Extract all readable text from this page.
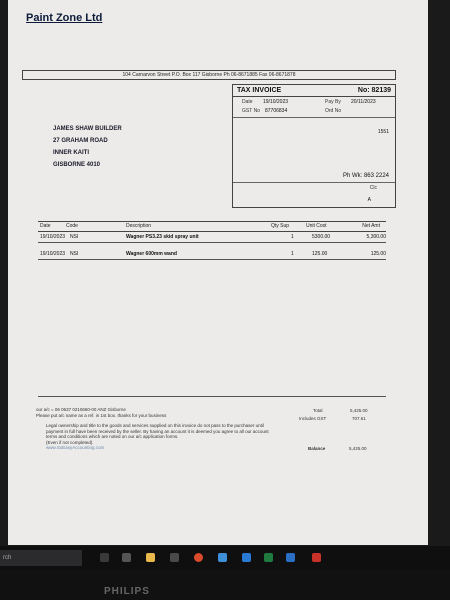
Paint Zone Ltd
104 Carnarvon Street P.O. Box 117 Gisborne Ph 06-8671885 Fax 06-8671878
TAX INVOICE	No: 82139
Date 19/10/2023	Pay By 20/11/2023
GST No 87706834	Ord No
1551
Ph Wk: 863 2224
Clc
A
JAMES SHAW BUILDER
27 GRAHAM ROAD
INNER KAITI
GISBORNE 4010
Date	Code	Description	Qty Sup	Unit Cost	Net Amt
19/10/2023 NSI	Wagner PS3.23 skid spray unit	1	5300.00	5,300.00
19/10/2023 NSI	Wagner 600mm wand	1	125.00	125.00
our a/c = 06 0637 0210660-00 ANZ Gisborne
Please put a/c name as a ref. in 1st box. thanks for your business
Total	5,425.00
Includes GST	707.61
Legal ownership and title to the goods and services supplied on this invoice do not pass to the purchaser until payment in full have been received by the seller. By having an account it is deemed you agree to all our account terms and conditions which are noted on our a/c application forms.
(Even if not completed).
www.SoEasyAccounting.com	Balance	5,425.00
rch
PHILIPS
